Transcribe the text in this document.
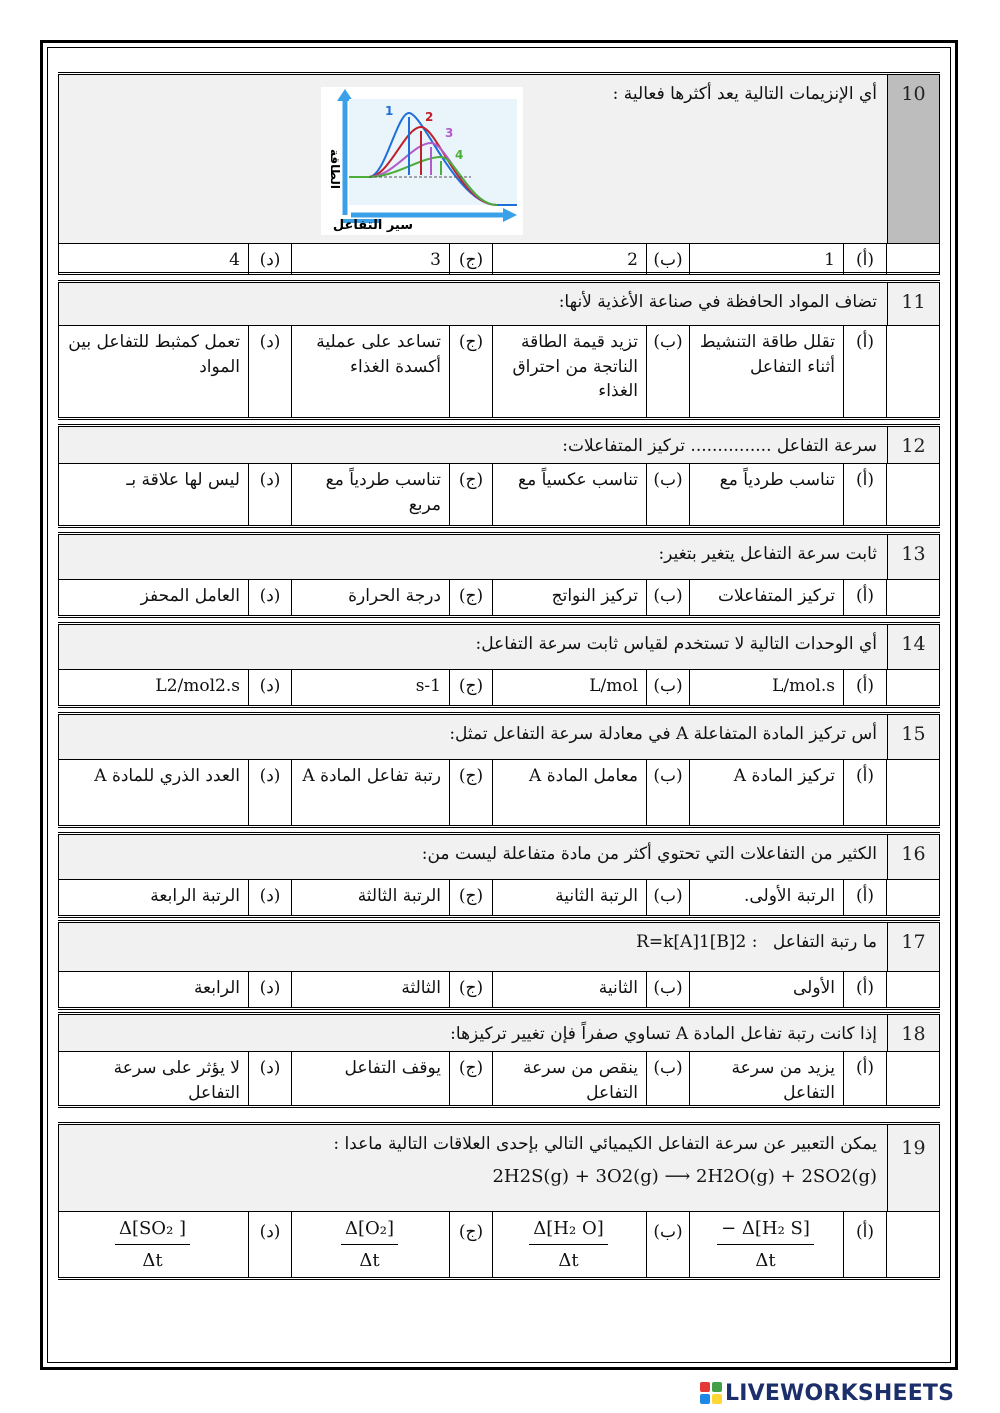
10
أي الإنزيمات التالية يعد أكثرها فعالية :
سير التفاعل
الطاقة
1	2
3
4
(أ)
1
(ب)
2
(ج)
3
(د)
4
11
تضاف المواد الحافظة في صناعة الأغذية لأنها:
(أ)
تقلل طاقة التنشيط أثناء التفاعل
(ب)
تزيد قيمة الطاقة الناتجة من احتراق الغذاء
(ج)
تساعد على عملية أكسدة الغذاء
(د)
تعمل كمثبط للتفاعل بين المواد
12
سرعة التفاعل ............... تركيز المتفاعلات:
(أ)
تناسب طردياً مع
(ب)
تناسب عكسياً مع
(ج)
تناسب طردياً مع مربع
(د)
ليس لها علاقة بـ
13
ثابت سرعة التفاعل يتغير بتغير:
(أ)
تركيز المتفاعلات
(ب)
تركيز النواتج
(ج)
درجة الحرارة
(د)
العامل المحفز
14
أي الوحدات التالية لا تستخدم لقياس ثابت سرعة التفاعل:
(أ)
L/mol.s
(ب)
L/mol
(ج)
s-1
(د)
L2/mol2.s
15
أس تركيز المادة المتفاعلة A في معادلة سرعة التفاعل تمثل:
(أ)
تركيز المادة A
(ب)
معامل المادة A
(ج)
رتبة تفاعل المادة A
(د)
العدد الذري للمادة A
16
الكثير من التفاعلات التي تحتوي أكثر من مادة متفاعلة ليست من:
(أ)
الرتبة الأولى.
(ب)
الرتبة الثانية
(ج)
الرتبة الثالثة
(د)
الرتبة الرابعة
17
ما رتبة التفاعل R=k[A]1[B]2 :
(أ)
الأولى
(ب)
الثانية
(ج)
الثالثة
(د)
الرابعة
18
إذا كانت رتبة تفاعل المادة A تساوي صفراً فإن تغيير تركيزها:
(أ)
يزيد من سرعة التفاعل
(ب)
ينقص من سرعة التفاعل
(ج)
يوقف التفاعل
(د)
لا يؤثر على سرعة التفاعل
19
يمكن التعبير عن سرعة التفاعل الكيميائي التالي بإحدى العلاقات التالية ماعدا :
2H2S(g) + 3O2(g) ⟶ 2H2O(g) + 2SO2(g)
(أ)
$\frac{\text{− Δ[H₂ S]}}{\Delta t}$
(ب)
$\frac{\text{Δ[H₂ O]}}{\Delta t}$
(ج)
$\frac{\text{Δ[O₂]}}{\Delta t}$
(د)
$\frac{\text{Δ[SO₂ ]}}{\Delta t}$
LIVEWORKSHEETS
